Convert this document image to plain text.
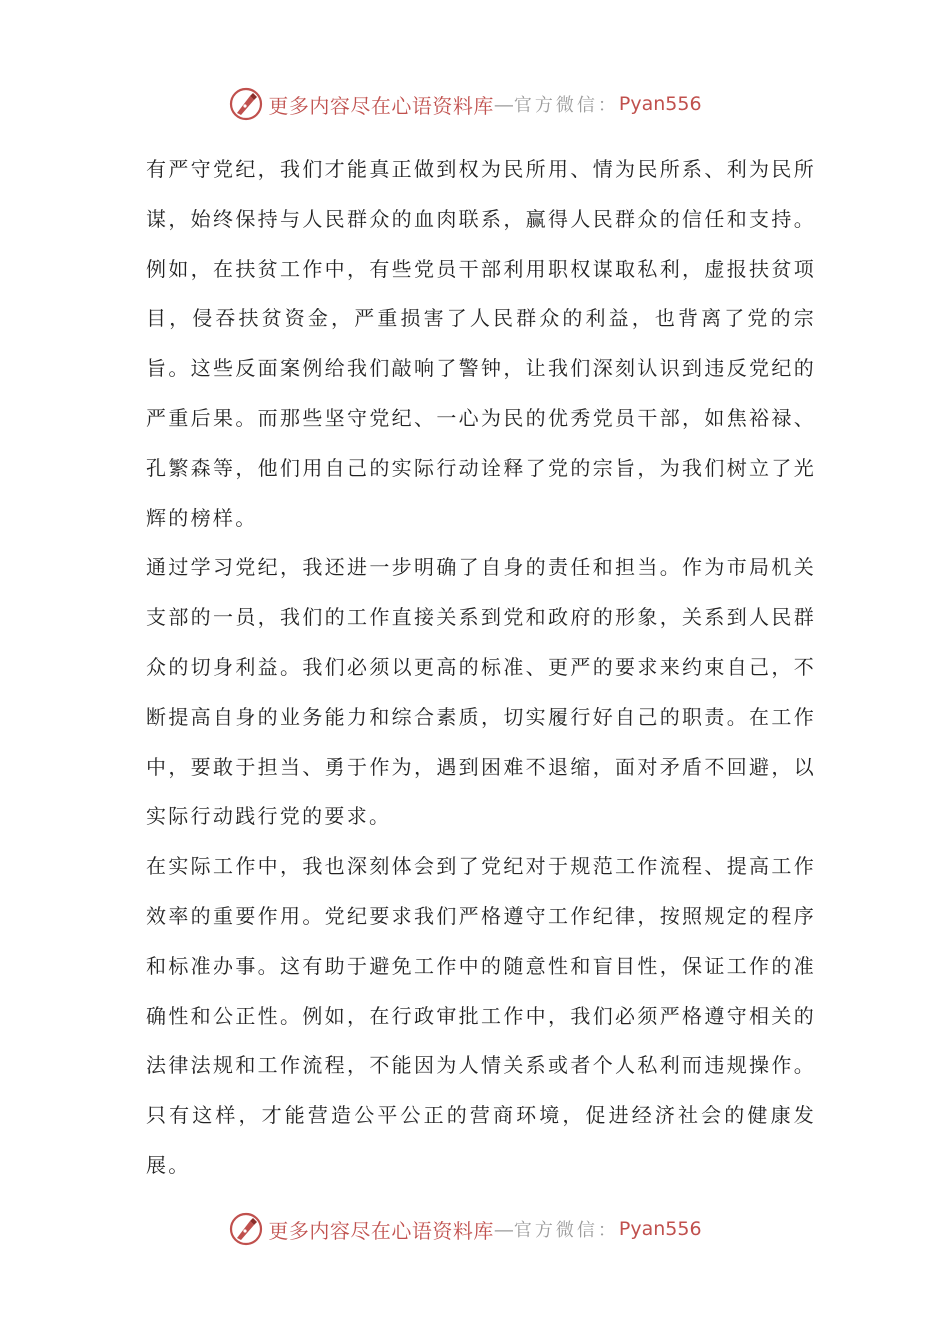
更多内容尽在心语资料库 — 官方微信： Pyan556

有严守党纪，我们才能真正做到权为民所用、情为民所系、利为民所谋，始终保持与人民群众的血肉联系，赢得人民群众的信任和支持。例如，在扶贫工作中，有些党员干部利用职权谋取私利，虚报扶贫项目，侵吞扶贫资金，严重损害了人民群众的利益，也背离了党的宗旨。这些反面案例给我们敲响了警钟，让我们深刻认识到违反党纪的严重后果。而那些坚守党纪、一心为民的优秀党员干部，如焦裕禄、孔繁森等，他们用自己的实际行动诠释了党的宗旨，为我们树立了光辉的榜样。

通过学习党纪，我还进一步明确了自身的责任和担当。作为市局机关支部的一员，我们的工作直接关系到党和政府的形象，关系到人民群众的切身利益。我们必须以更高的标准、更严的要求来约束自己，不断提高自身的业务能力和综合素质，切实履行好自己的职责。在工作中，要敢于担当、勇于作为，遇到困难不退缩，面对矛盾不回避，以实际行动践行党的要求。

在实际工作中，我也深刻体会到了党纪对于规范工作流程、提高工作效率的重要作用。党纪要求我们严格遵守工作纪律，按照规定的程序和标准办事。这有助于避免工作中的随意性和盲目性，保证工作的准确性和公正性。例如，在行政审批工作中，我们必须严格遵守相关的法律法规和工作流程，不能因为人情关系或者个人私利而违规操作。只有这样，才能营造公平公正的营商环境，促进经济社会的健康发展。

更多内容尽在心语资料库 — 官方微信： Pyan556
